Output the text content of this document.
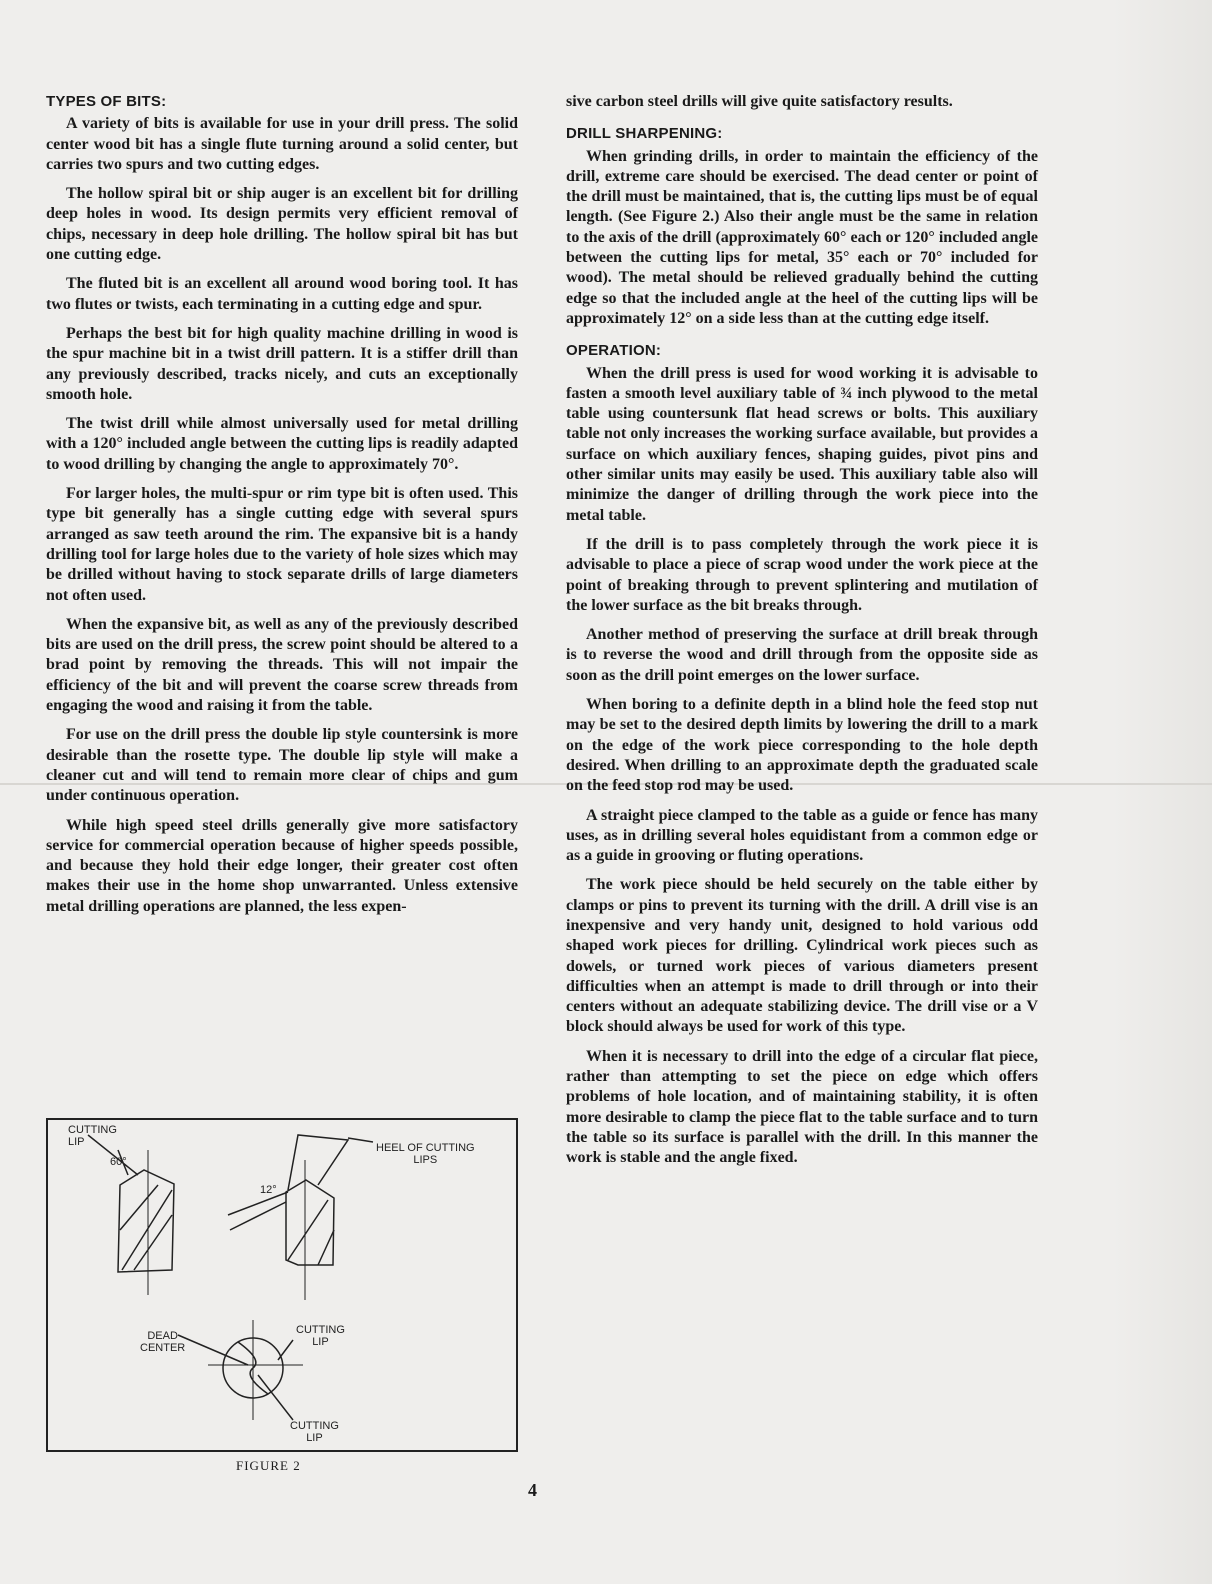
TYPES OF BITS:

A variety of bits is available for use in your drill press. The solid center wood bit has a single flute turning around a solid center, but carries two spurs and two cutting edges.

The hollow spiral bit or ship auger is an excellent bit for drilling deep holes in wood. Its design permits very efficient removal of chips, necessary in deep hole drilling. The hollow spiral bit has but one cutting edge.

The fluted bit is an excellent all around wood boring tool. It has two flutes or twists, each terminating in a cutting edge and spur.

Perhaps the best bit for high quality machine drilling in wood is the spur machine bit in a twist drill pattern. It is a stiffer drill than any previously described, tracks nicely, and cuts an exceptionally smooth hole.

The twist drill while almost universally used for metal drilling with a 120° included angle between the cutting lips is readily adapted to wood drilling by changing the angle to approximately 70°.

For larger holes, the multi-spur or rim type bit is often used. This type bit generally has a single cutting edge with several spurs arranged as saw teeth around the rim. The expansive bit is a handy drilling tool for large holes due to the variety of hole sizes which may be drilled without having to stock separate drills of large diameters not often used.

When the expansive bit, as well as any of the previously described bits are used on the drill press, the screw point should be altered to a brad point by removing the threads. This will not impair the efficiency of the bit and will prevent the coarse screw threads from engaging the wood and raising it from the table.

For use on the drill press the double lip style countersink is more desirable than the rosette type. The double lip style will make a cleaner cut and will tend to remain more clear of chips and gum under continuous operation.

While high speed steel drills generally give more satisfactory service for commercial operation because of higher speeds possible, and because they hold their edge longer, their greater cost often makes their use in the home shop unwarranted. Unless extensive metal drilling operations are planned, the less expen-

sive carbon steel drills will give quite satisfactory results.

DRILL SHARPENING:

When grinding drills, in order to maintain the efficiency of the drill, extreme care should be exercised. The dead center or point of the drill must be maintained, that is, the cutting lips must be of equal length. (See Figure 2.) Also their angle must be the same in relation to the axis of the drill (approximately 60° each or 120° included angle between the cutting lips for metal, 35° each or 70° included for wood). The metal should be relieved gradually behind the cutting edge so that the included angle at the heel of the cutting lips will be approximately 12° on a side less than at the cutting edge itself.

OPERATION:

When the drill press is used for wood working it is advisable to fasten a smooth level auxiliary table of ¾ inch plywood to the metal table using countersunk flat head screws or bolts. This auxiliary table not only increases the working surface available, but provides a surface on which auxiliary fences, shaping guides, pivot pins and other similar units may easily be used. This auxiliary table also will minimize the danger of drilling through the work piece into the metal table.

If the drill is to pass completely through the work piece it is advisable to place a piece of scrap wood under the work piece at the point of breaking through to prevent splintering and mutilation of the lower surface as the bit breaks through.

Another method of preserving the surface at drill break through is to reverse the wood and drill through from the opposite side as soon as the drill point emerges on the lower surface.

When boring to a definite depth in a blind hole the feed stop nut may be set to the desired depth limits by lowering the drill to a mark on the edge of the work piece corresponding to the hole depth desired. When drilling to an approximate depth the graduated scale on the feed stop rod may be used.

A straight piece clamped to the table as a guide or fence has many uses, as in drilling several holes equidistant from a common edge or as a guide in grooving or fluting operations.

The work piece should be held securely on the table either by clamps or pins to prevent its turning with the drill. A drill vise is an inexpensive and very handy unit, designed to hold various odd shaped work pieces for drilling. Cylindrical work pieces such as dowels, or turned work pieces of various diameters present difficulties when an attempt is made to drill through or into their centers without an adequate stabilizing device. The drill vise or a V block should always be used for work of this type.

When it is necessary to drill into the edge of a circular flat piece, rather than attempting to set the piece on edge which offers problems of hole location, and of maintaining stability, it is often more desirable to clamp the piece flat to the table surface and to turn the table so its surface is parallel with the drill. In this manner the work is stable and the angle fixed.

CUTTING
LIP
60°
12°
HEEL OF CUTTING
LIPS
DEAD
CENTER
CUTTING
LIP
CUTTING
LIP
FIGURE 2
4
